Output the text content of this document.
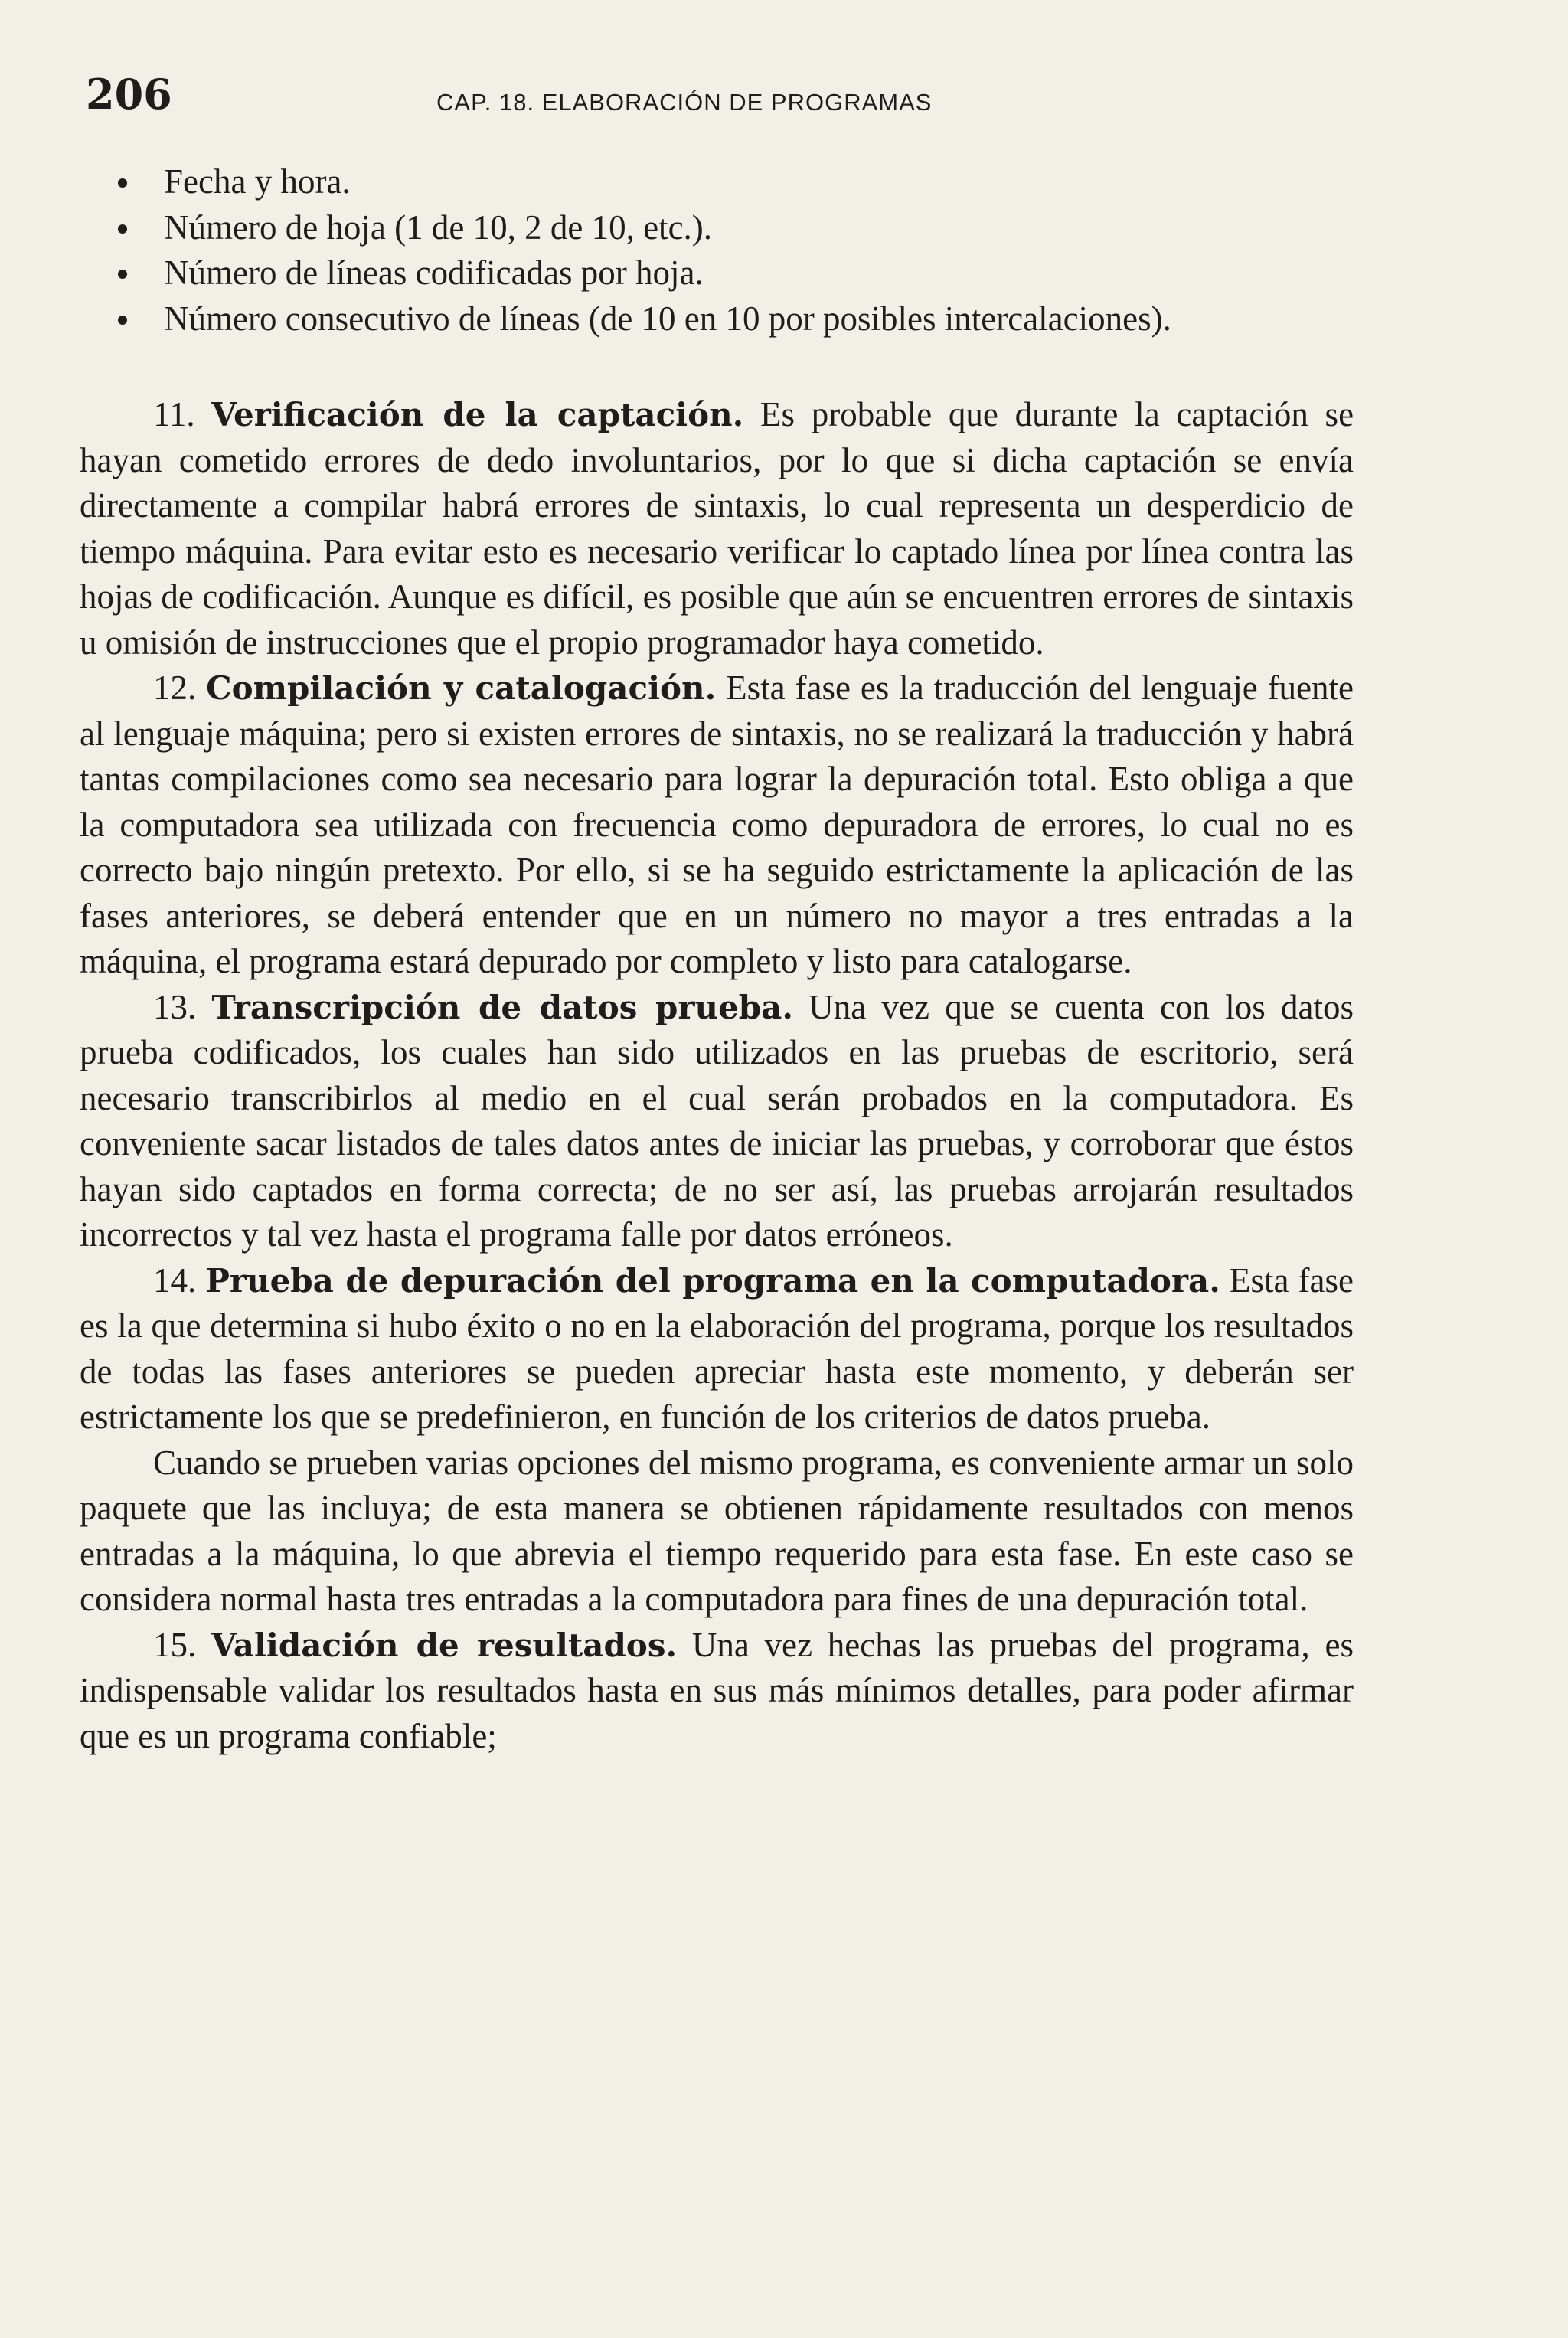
206	CAP. 18. ELABORACIÓN DE PROGRAMAS
Fecha y hora.
Número de hoja (1 de 10, 2 de 10, etc.).
Número de líneas codificadas por hoja.
Número consecutivo de líneas (de 10 en 10 por posibles intercalaciones).

11. Verificación de la captación. Es probable que durante la captación se hayan cometido errores de dedo involuntarios, por lo que si dicha captación se envía directamente a compilar habrá errores de sintaxis, lo cual representa un desperdicio de tiempo máquina. Para evitar esto es necesario verificar lo captado línea por línea contra las hojas de codificación. Aunque es difícil, es posible que aún se encuentren errores de sintaxis u omisión de instrucciones que el propio programador haya cometido.

12. Compilación y catalogación. Esta fase es la traducción del lenguaje fuente al lenguaje máquina; pero si existen errores de sintaxis, no se realizará la traducción y habrá tantas compilaciones como sea necesario para lograr la depuración total. Esto obliga a que la computadora sea utilizada con frecuencia como depuradora de errores, lo cual no es correcto bajo ningún pretexto. Por ello, si se ha seguido estrictamente la aplicación de las fases anteriores, se deberá entender que en un número no mayor a tres entradas a la máquina, el programa estará depurado por completo y listo para catalogarse.

13. Transcripción de datos prueba. Una vez que se cuenta con los datos prueba codificados, los cuales han sido utilizados en las pruebas de escritorio, será necesario transcribirlos al medio en el cual serán probados en la computadora. Es conveniente sacar listados de tales datos antes de iniciar las pruebas, y corroborar que éstos hayan sido captados en forma correcta; de no ser así, las pruebas arrojarán resultados incorrectos y tal vez hasta el programa falle por datos erróneos.

14. Prueba de depuración del programa en la computadora. Esta fase es la que determina si hubo éxito o no en la elaboración del programa, porque los resultados de todas las fases anteriores se pueden apreciar hasta este momento, y deberán ser estrictamente los que se predefinieron, en función de los criterios de datos prueba.

Cuando se prueben varias opciones del mismo programa, es conveniente armar un solo paquete que las incluya; de esta manera se obtienen rápidamente resultados con menos entradas a la máquina, lo que abrevia el tiempo requerido para esta fase. En este caso se considera normal hasta tres entradas a la computadora para fines de una depuración total.

15. Validación de resultados. Una vez hechas las pruebas del programa, es indispensable validar los resultados hasta en sus más mínimos detalles, para poder afirmar que es un programa confiable;
